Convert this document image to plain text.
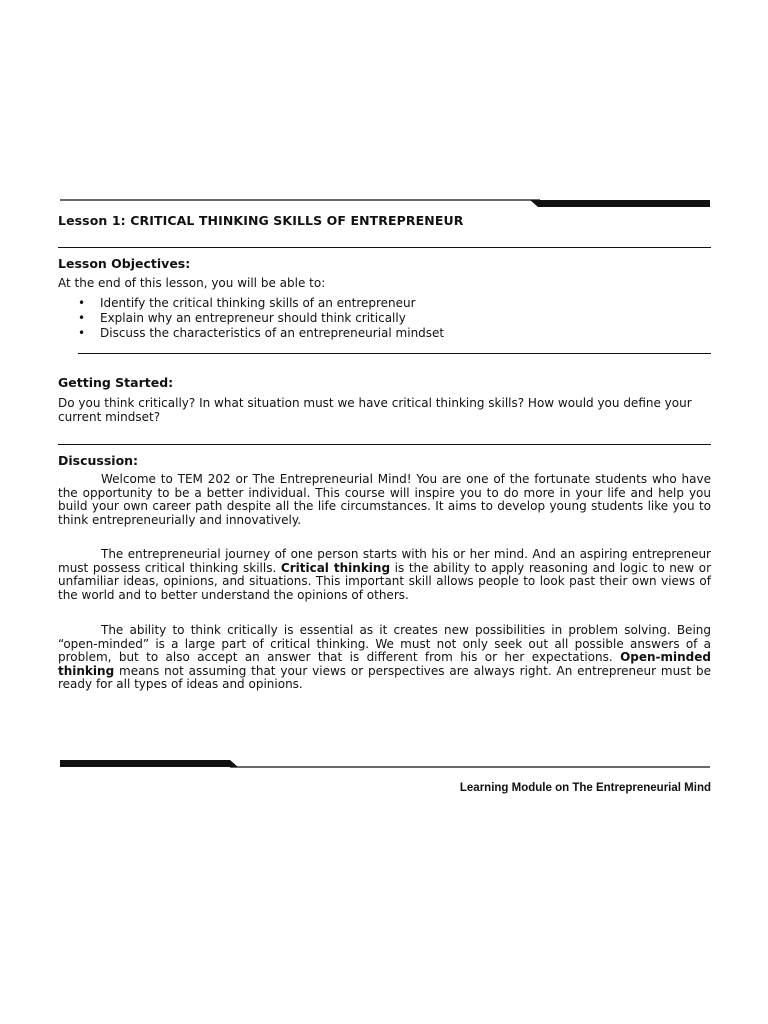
Lesson 1: CRITICAL THINKING SKILLS OF ENTREPRENEUR
Lesson Objectives:

At the end of this lesson, you will be able to:

• Identify the critical thinking skills of an entrepreneur
• Explain why an entrepreneur should think critically
• Discuss the characteristics of an entrepreneurial mindset
Getting Started:

Do you think critically? In what situation must we have critical thinking skills? How would you define your current mindset?

Discussion:

Welcome to TEM 202 or The Entrepreneurial Mind! You are one of the fortunate students who have the opportunity to be a better individual. This course will inspire you to do more in your life and help you build your own career path despite all the life circumstances. It aims to develop young students like you to think entrepreneurially and innovatively.

The entrepreneurial journey of one person starts with his or her mind. And an aspiring entrepreneur must possess critical thinking skills. Critical thinking is the ability to apply reasoning and logic to new or unfamiliar ideas, opinions, and situations. This important skill allows people to look past their own views of the world and to better understand the opinions of others.

The ability to think critically is essential as it creates new possibilities in problem solving. Being “open-minded” is a large part of critical thinking. We must not only seek out all possible answers of a problem, but to also accept an answer that is different from his or her expectations. Open-minded thinking means not assuming that your views or perspectives are always right. An entrepreneur must be ready for all types of ideas and opinions.

Learning Module on The Entrepreneurial Mind
